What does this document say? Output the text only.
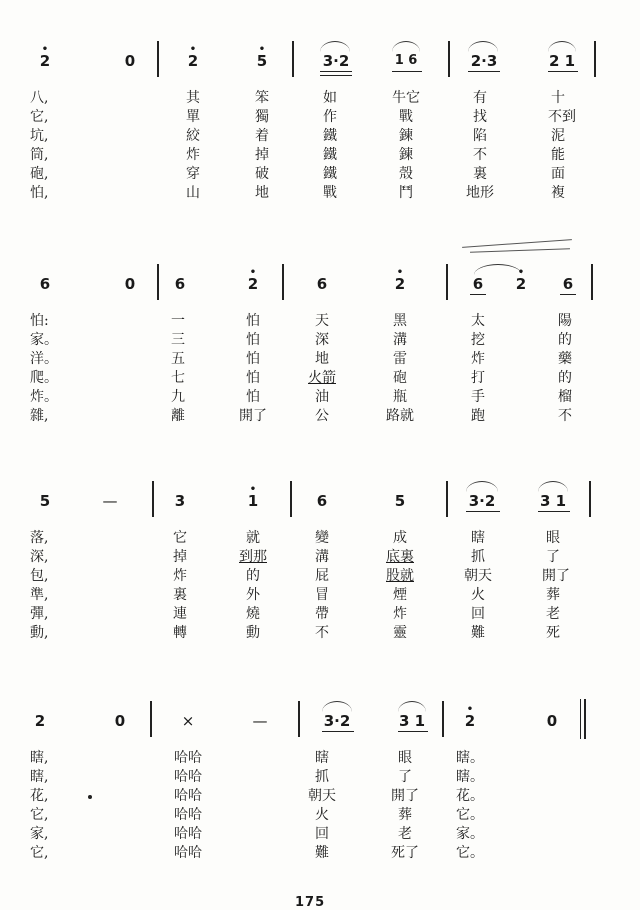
•
2	0
•
2
•
5	3·2	1 6	2·3	2 1
八,	其	笨	如	牛它	有	十
它,	單	獨	作	戰	找	不到
坑,	絞	着	鐵	鍊	陷	泥
筒,	炸	掉	鐵	鍊	不	能
砲,	穿	破	鐵	殼	裏	面
怕,	山	地	戰	鬥	地形	複
6	0	6
•
2	6
•
2	6
•
2 6
怕:	一	怕	天	黑	太	陽
家。	三	怕	深	溝	挖	的
洋。	五	怕	地	雷	炸	藥
爬。	七	怕	火箭	砲	打	的
炸。	九	怕	油	瓶	手	榴
雜,	離	開了	公	路就	跑	不
5	—	3
•
1	6	5	3·2	3 1
落,	它	就	變	成	瞎	眼
深,	掉	到那	溝	底裏	抓	了
包,	炸	的	屁	股就	朝天	開了
準,	裏	外	冒	煙	火	葬
彈,	連	燒	帶	炸	回	老
動,	轉	動	不	靈	難	死
2	0	×	—	3·2	3 1
•
2	0
瞎,	哈哈	瞎	眼	瞎。
瞎,	哈哈	抓	了	瞎。
花,	哈哈	朝天	開了	花。
它,	哈哈	火	葬	它。
家,	哈哈	回	老	家。
它,	哈哈	難	死了	它。
175
